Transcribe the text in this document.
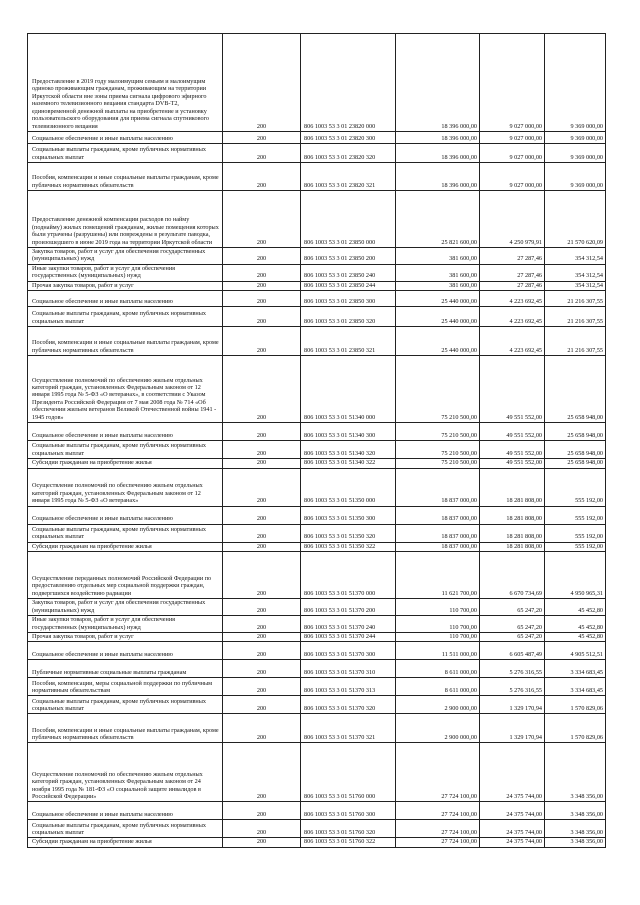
Предоставление в 2019 году малоимущим семьям и малоимущим одиноко проживающим гражданам, проживающим на территории Иркутской области вне зоны приема сигнала цифрового эфирного наземного телевизионного вещания стандарта DVB-T2, единовременной денежной выплаты на приобретение и установку пользовательского оборудования для приема сигнала спутникового телевизионного вещания	200	806 1003 53 3 01 23820 000	18 396 000,00	9 027 000,00	9 369 000,00
Социальное обеспечение и иные выплаты населению	200	806 1003 53 3 01 23820 300	18 396 000,00	9 027 000,00	9 369 000,00
Социальные выплаты гражданам, кроме публичных нормативных социальных выплат	200	806 1003 53 3 01 23820 320	18 396 000,00	9 027 000,00	9 369 000,00
Пособия, компенсации и иные социальные выплаты гражданам, кроме публичных нормативных обязательств	200	806 1003 53 3 01 23820 321	18 396 000,00	9 027 000,00	9 369 000,00
Предоставление денежной компенсации расходов по найму (поднайму) жилых помещений гражданам, жилые помещения которых были утрачены (разрушены) или повреждены в результате паводка, произошедшего в июне 2019 года на территории Иркутской области	200	806 1003 53 3 01 23850 000	25 821 600,00	4 250 979,91	21 570 620,09
Закупка товаров, работ и услуг для обеспечения государственных (муниципальных) нужд	200	806 1003 53 3 01 23850 200	381 600,00	27 287,46	354 312,54
Иные закупки товаров, работ и услуг для обеспечения государственных (муниципальных) нужд	200	806 1003 53 3 01 23850 240	381 600,00	27 287,46	354 312,54
Прочая закупка товаров, работ и услуг	200	806 1003 53 3 01 23850 244	381 600,00	27 287,46	354 312,54
Социальное обеспечение и иные выплаты населению	200	806 1003 53 3 01 23850 300	25 440 000,00	4 223 692,45	21 216 307,55
Социальные выплаты гражданам, кроме публичных нормативных социальных выплат	200	806 1003 53 3 01 23850 320	25 440 000,00	4 223 692,45	21 216 307,55
Пособия, компенсации и иные социальные выплаты гражданам, кроме публичных нормативных обязательств	200	806 1003 53 3 01 23850 321	25 440 000,00	4 223 692,45	21 216 307,55
Осуществление полномочий по обеспечению жильем отдельных категорий граждан, установленных Федеральным законом от 12 января 1995 года № 5-ФЗ «О ветеранах», в соответствии с Указом Президента Российской Федерации от 7 мая 2008 года № 714 «Об обеспечении жильем ветеранов Великой Отечественной войны 1941 - 1945 годов»	200	806 1003 53 3 01 51340 000	75 210 500,00	49 551 552,00	25 658 948,00
Социальное обеспечение и иные выплаты населению	200	806 1003 53 3 01 51340 300	75 210 500,00	49 551 552,00	25 658 948,00
Социальные выплаты гражданам, кроме публичных нормативных социальных выплат	200	806 1003 53 3 01 51340 320	75 210 500,00	49 551 552,00	25 658 948,00
Субсидии гражданам на приобретение жилья	200	806 1003 53 3 01 51340 322	75 210 500,00	49 551 552,00	25 658 948,00
Осуществление полномочий по обеспечению жильем отдельных категорий граждан, установленных Федеральным законом от 12 января 1995 года № 5-ФЗ «О ветеранах»	200	806 1003 53 3 01 51350 000	18 837 000,00	18 281 808,00	555 192,00
Социальное обеспечение и иные выплаты населению	200	806 1003 53 3 01 51350 300	18 837 000,00	18 281 808,00	555 192,00
Социальные выплаты гражданам, кроме публичных нормативных социальных выплат	200	806 1003 53 3 01 51350 320	18 837 000,00	18 281 808,00	555 192,00
Субсидии гражданам на приобретение жилья	200	806 1003 53 3 01 51350 322	18 837 000,00	18 281 808,00	555 192,00
Осуществление переданных полномочий Российской Федерации по предоставлению отдельных мер социальной поддержки граждан, подвергшихся воздействию радиации	200	806 1003 53 3 01 51370 000	11 621 700,00	6 670 734,69	4 950 965,31
Закупка товаров, работ и услуг для обеспечения государственных (муниципальных) нужд	200	806 1003 53 3 01 51370 200	110 700,00	65 247,20	45 452,80
Иные закупки товаров, работ и услуг для обеспечения государственных (муниципальных) нужд	200	806 1003 53 3 01 51370 240	110 700,00	65 247,20	45 452,80
Прочая закупка товаров, работ и услуг	200	806 1003 53 3 01 51370 244	110 700,00	65 247,20	45 452,80
Социальное обеспечение и иные выплаты населению	200	806 1003 53 3 01 51370 300	11 511 000,00	6 605 487,49	4 905 512,51
Публичные нормативные социальные выплаты гражданам	200	806 1003 53 3 01 51370 310	8 611 000,00	5 276 316,55	3 334 683,45
Пособия, компенсации, меры социальной поддержки по публичным нормативным обязательствам	200	806 1003 53 3 01 51370 313	8 611 000,00	5 276 316,55	3 334 683,45
Социальные выплаты гражданам, кроме публичных нормативных социальных выплат	200	806 1003 53 3 01 51370 320	2 900 000,00	1 329 170,94	1 570 829,06
Пособия, компенсации и иные социальные выплаты гражданам, кроме публичных нормативных обязательств	200	806 1003 53 3 01 51370 321	2 900 000,00	1 329 170,94	1 570 829,06
Осуществление полномочий по обеспечению жильем отдельных категорий граждан, установленных Федеральным законом от 24 ноября 1995 года № 181-ФЗ «О социальной защите инвалидов в Российской Федерации»	200	806 1003 53 3 01 51760 000	27 724 100,00	24 375 744,00	3 348 356,00
Социальное обеспечение и иные выплаты населению	200	806 1003 53 3 01 51760 300	27 724 100,00	24 375 744,00	3 348 356,00
Социальные выплаты гражданам, кроме публичных нормативных социальных выплат	200	806 1003 53 3 01 51760 320	27 724 100,00	24 375 744,00	3 348 356,00
Субсидии гражданам на приобретение жилья	200	806 1003 53 3 01 51760 322	27 724 100,00	24 375 744,00	3 348 356,00
